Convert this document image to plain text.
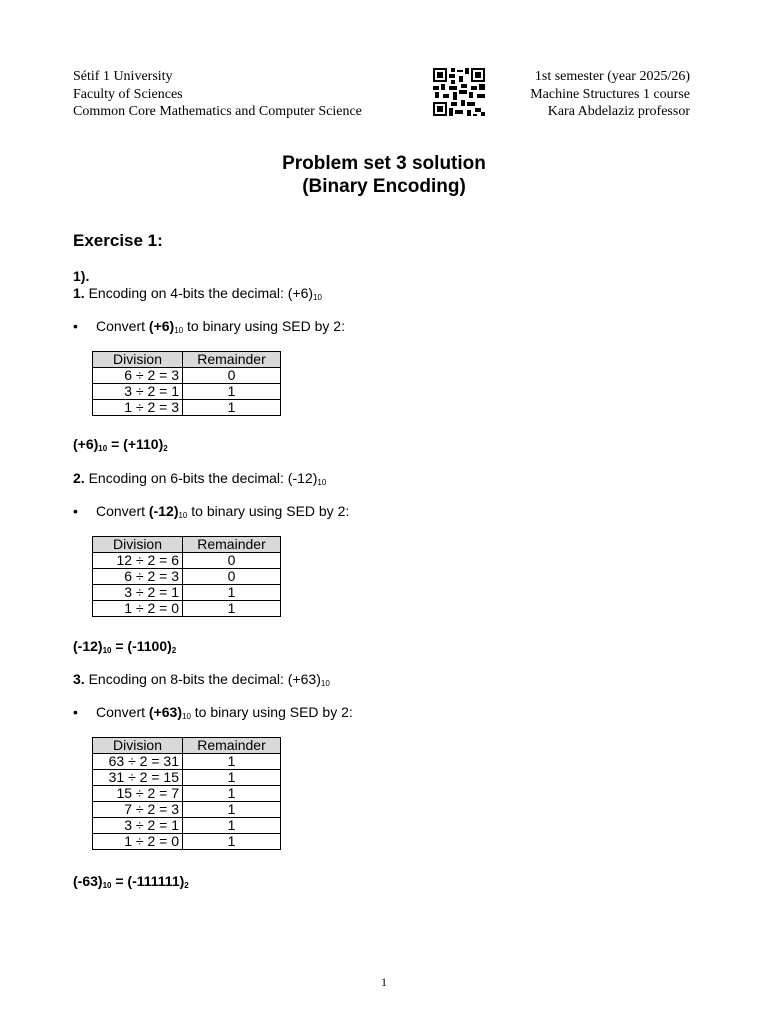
Sétif 1 University
Faculty of Sciences
Common Core Mathematics and Computer Science
1st semester (year 2025/26)
Machine Structures 1 course
Kara Abdelaziz professor
Problem set 3 solution
(Binary Encoding)
Exercise 1:
1).
1. Encoding on 4-bits the decimal: $(+6)_{10}$
• Convert $(+6)_{10}$ to binary using SED by 2:
Division	Remainder
6 ÷ 2 = 3	0
3 ÷ 2 = 1	1
1 ÷ 2 = 3	1
$(+6)_{10} = (+110)_2$
2. Encoding on 6-bits the decimal: $(-12)_{10}$
• Convert $(-12)_{10}$ to binary using SED by 2:
Division	Remainder
12 ÷ 2 = 6	0
6 ÷ 2 = 3	0
3 ÷ 2 = 1	1
1 ÷ 2 = 0	1
$(-12)_{10} = (-1100)_2$
3. Encoding on 8-bits the decimal: $(+63)_{10}$
• Convert $(+63)_{10}$ to binary using SED by 2:
Division	Remainder
63 ÷ 2 = 31	1
31 ÷ 2 = 15	1
15 ÷ 2 = 7	1
7 ÷ 2 = 3	1
3 ÷ 2 = 1	1
1 ÷ 2 = 0	1
$(-63)_{10} = (-111111)_2$
1
